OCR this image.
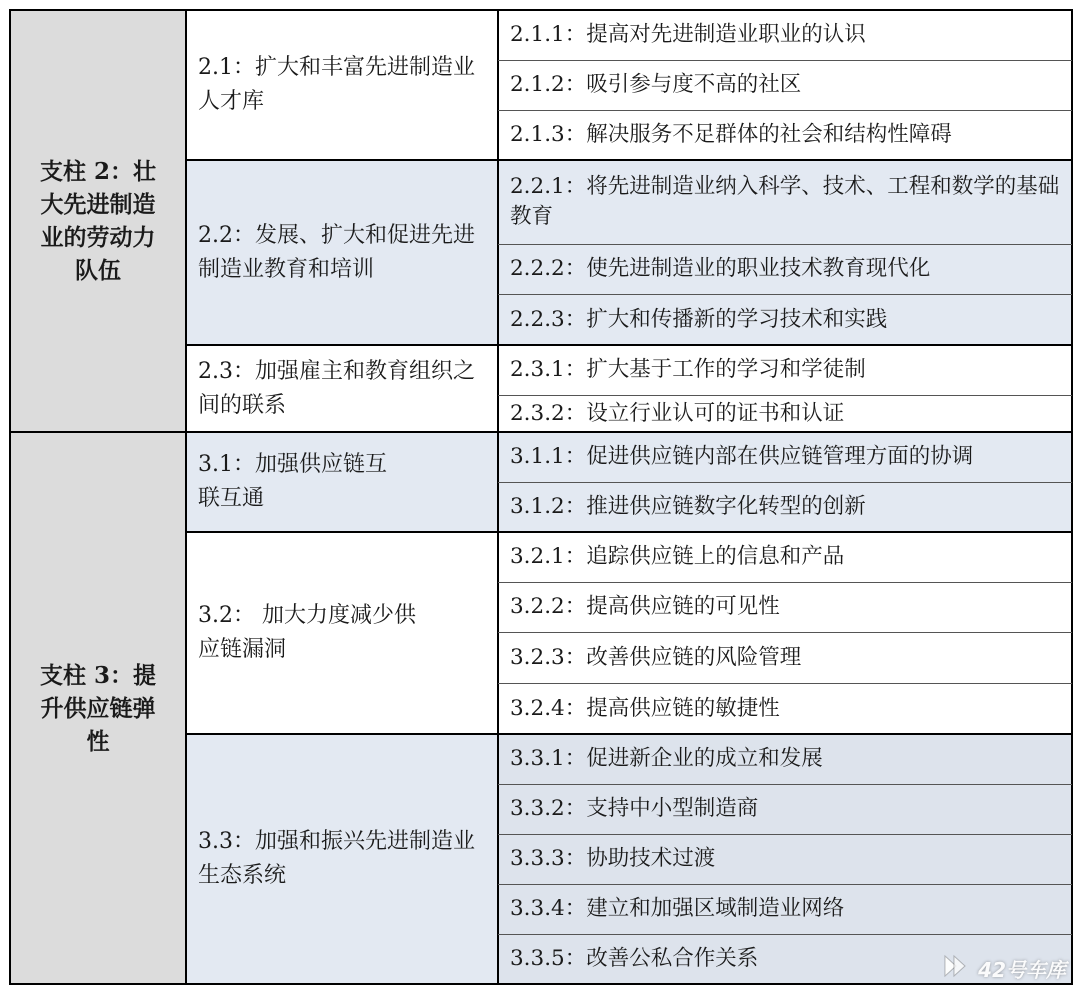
支柱 2：壮大先进制造业的劳动力队伍
支柱 3：提升供应链弹性
2.1：扩大和丰富先进制造业人才库
2.2：发展、扩大和促进先进制造业教育和培训
2.3：加强雇主和教育组织之间的联系
3.1：加强供应链互联互通
3.2： 加大力度减少供应链漏洞
3.3：加强和振兴先进制造业生态系统
2.1.1：提高对先进制造业职业的认识
2.1.2：吸引参与度不高的社区
2.1.3：解决服务不足群体的社会和结构性障碍
2.2.1：将先进制造业纳入科学、技术、工程和数学的基础教育
2.2.2：使先进制造业的职业技术教育现代化
2.2.3：扩大和传播新的学习技术和实践
2.3.1：扩大基于工作的学习和学徒制
2.3.2：设立行业认可的证书和认证
3.1.1：促进供应链内部在供应链管理方面的协调
3.1.2：推进供应链数字化转型的创新
3.2.1：追踪供应链上的信息和产品
3.2.2：提高供应链的可见性
3.2.3：改善供应链的风险管理
3.2.4：提高供应链的敏捷性
3.3.1：促进新企业的成立和发展
3.3.2：支持中小型制造商
3.3.3：协助技术过渡
3.3.4：建立和加强区域制造业网络
3.3.5：改善公私合作关系	42号车库
